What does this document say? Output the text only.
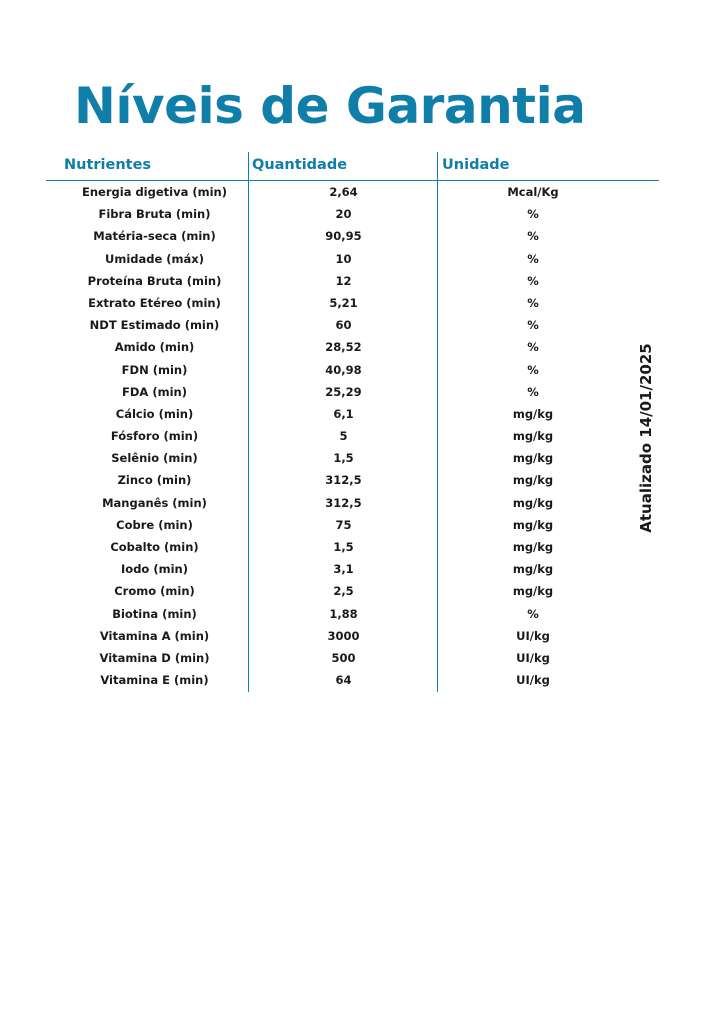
Níveis de Garantia
Nutrientes	Quantidade	Unidade
Energia digetiva (min)	2,64	Mcal/Kg
Fibra Bruta (min)	20	%
Matéria-seca (min)	90,95	%
Umidade (máx)	10	%
Proteína Bruta (min)	12	%
Extrato Etéreo (min)	5,21	%
NDT Estimado (min)	60	%
Amido (min)	28,52	%
FDN (min)	40,98	%
FDA (min)	25,29	%
Cálcio (min)	6,1	mg/kg
Fósforo (min)	5	mg/kg
Selênio (min)	1,5	mg/kg
Zinco (min)	312,5	mg/kg
Manganês (min)	312,5	mg/kg
Cobre (min)	75	mg/kg
Cobalto (min)	1,5	mg/kg
Iodo (min)	3,1	mg/kg
Cromo (min)	2,5	mg/kg
Biotina (min)	1,88	%
Vitamina A (min)	3000	UI/kg
Vitamina D (min)	500	UI/kg
Vitamina E (min)	64	UI/kg
Atualizado 14/01/2025
